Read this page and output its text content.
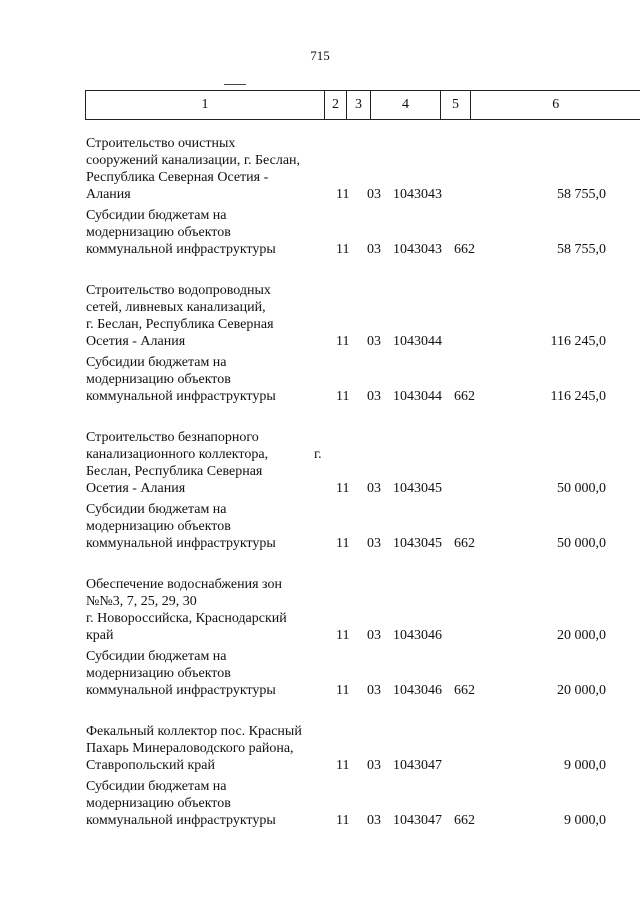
715
1	2	3	4	5	6
Строительство очистных
сооружений канализации, г. Беслан,
Республика Северная Осетия -
Алания	11 03 1043043	58 755,0
Субсидии бюджетам на
модернизацию объектов
коммунальной инфраструктуры	11 03 1043043 662	58 755,0
Строительство водопроводных
сетей, ливневых канализаций,
г. Беслан, Республика Северная
Осетия - Алания	11 03 1043044	116 245,0
Субсидии бюджетам на
модернизацию объектов
коммунальной инфраструктуры	11 03 1043044 662	116 245,0
Строительство безнапорного
канализационного коллектора,	г.
Беслан, Республика Северная
Осетия - Алания	11 03 1043045	50 000,0
Субсидии бюджетам на
модернизацию объектов
коммунальной инфраструктуры	11 03 1043045 662	50 000,0
Обеспечение водоснабжения зон
№№3, 7, 25, 29, 30
г. Новороссийска, Краснодарский
край	11 03 1043046	20 000,0
Субсидии бюджетам на
модернизацию объектов
коммунальной инфраструктуры	11 03 1043046 662	20 000,0
Фекальный коллектор пос. Красный
Пахарь Минераловодского района,
Ставропольский край	11 03 1043047	9 000,0
Субсидии бюджетам на
модернизацию объектов
коммунальной инфраструктуры	11 03 1043047 662	9 000,0
